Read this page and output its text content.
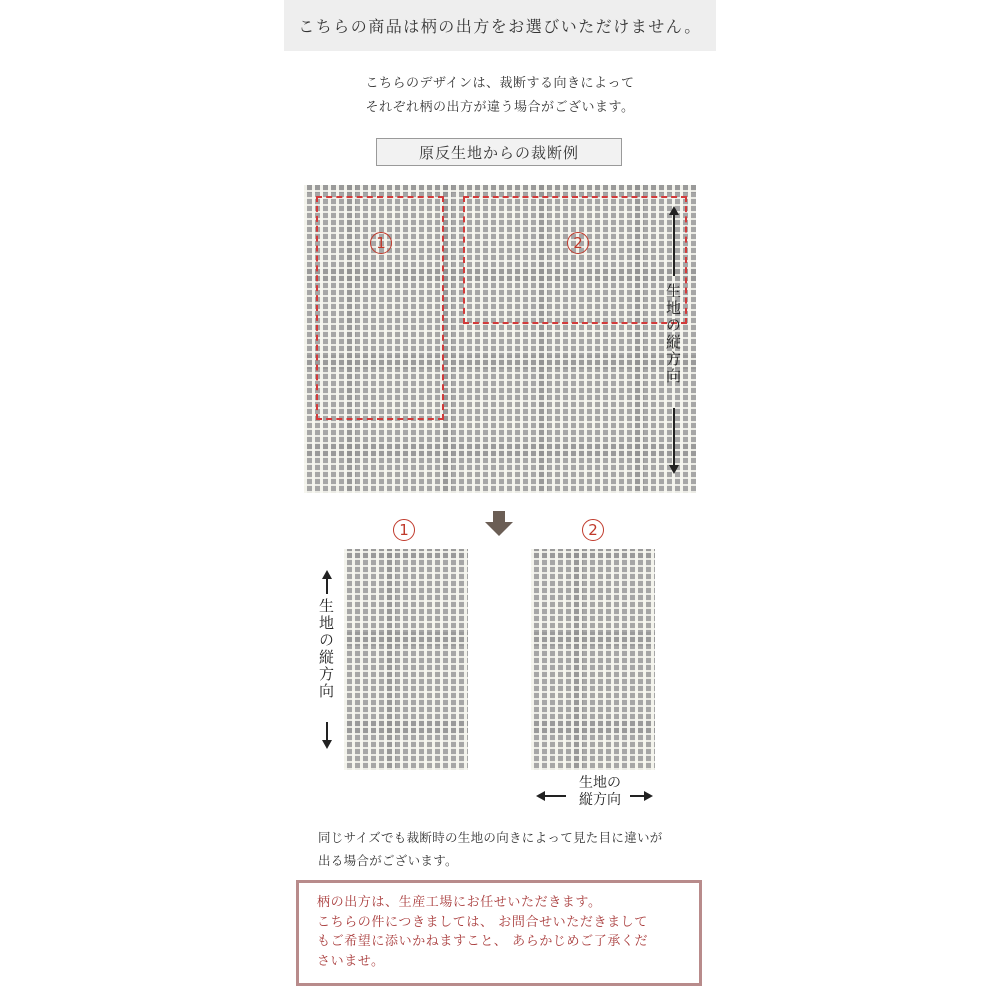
こちらの商品は柄の出方をお選びいただけません。
こちらのデザインは、裁断する向きによって
それぞれ柄の出方が違う場合がございます。
原反生地からの裁断例
1	2
生地の縦方向
1
生地の縦方向
2
生地の
縦方向
同じサイズでも裁断時の生地の向きによって見た目に違いが
出る場合がございます。
柄の出方は、生産工場にお任せいただきます。
こちらの件につきましては、 お問合せいただきまして
もご希望に添いかねますこと、 あらかじめご了承くだ
さいませ。
